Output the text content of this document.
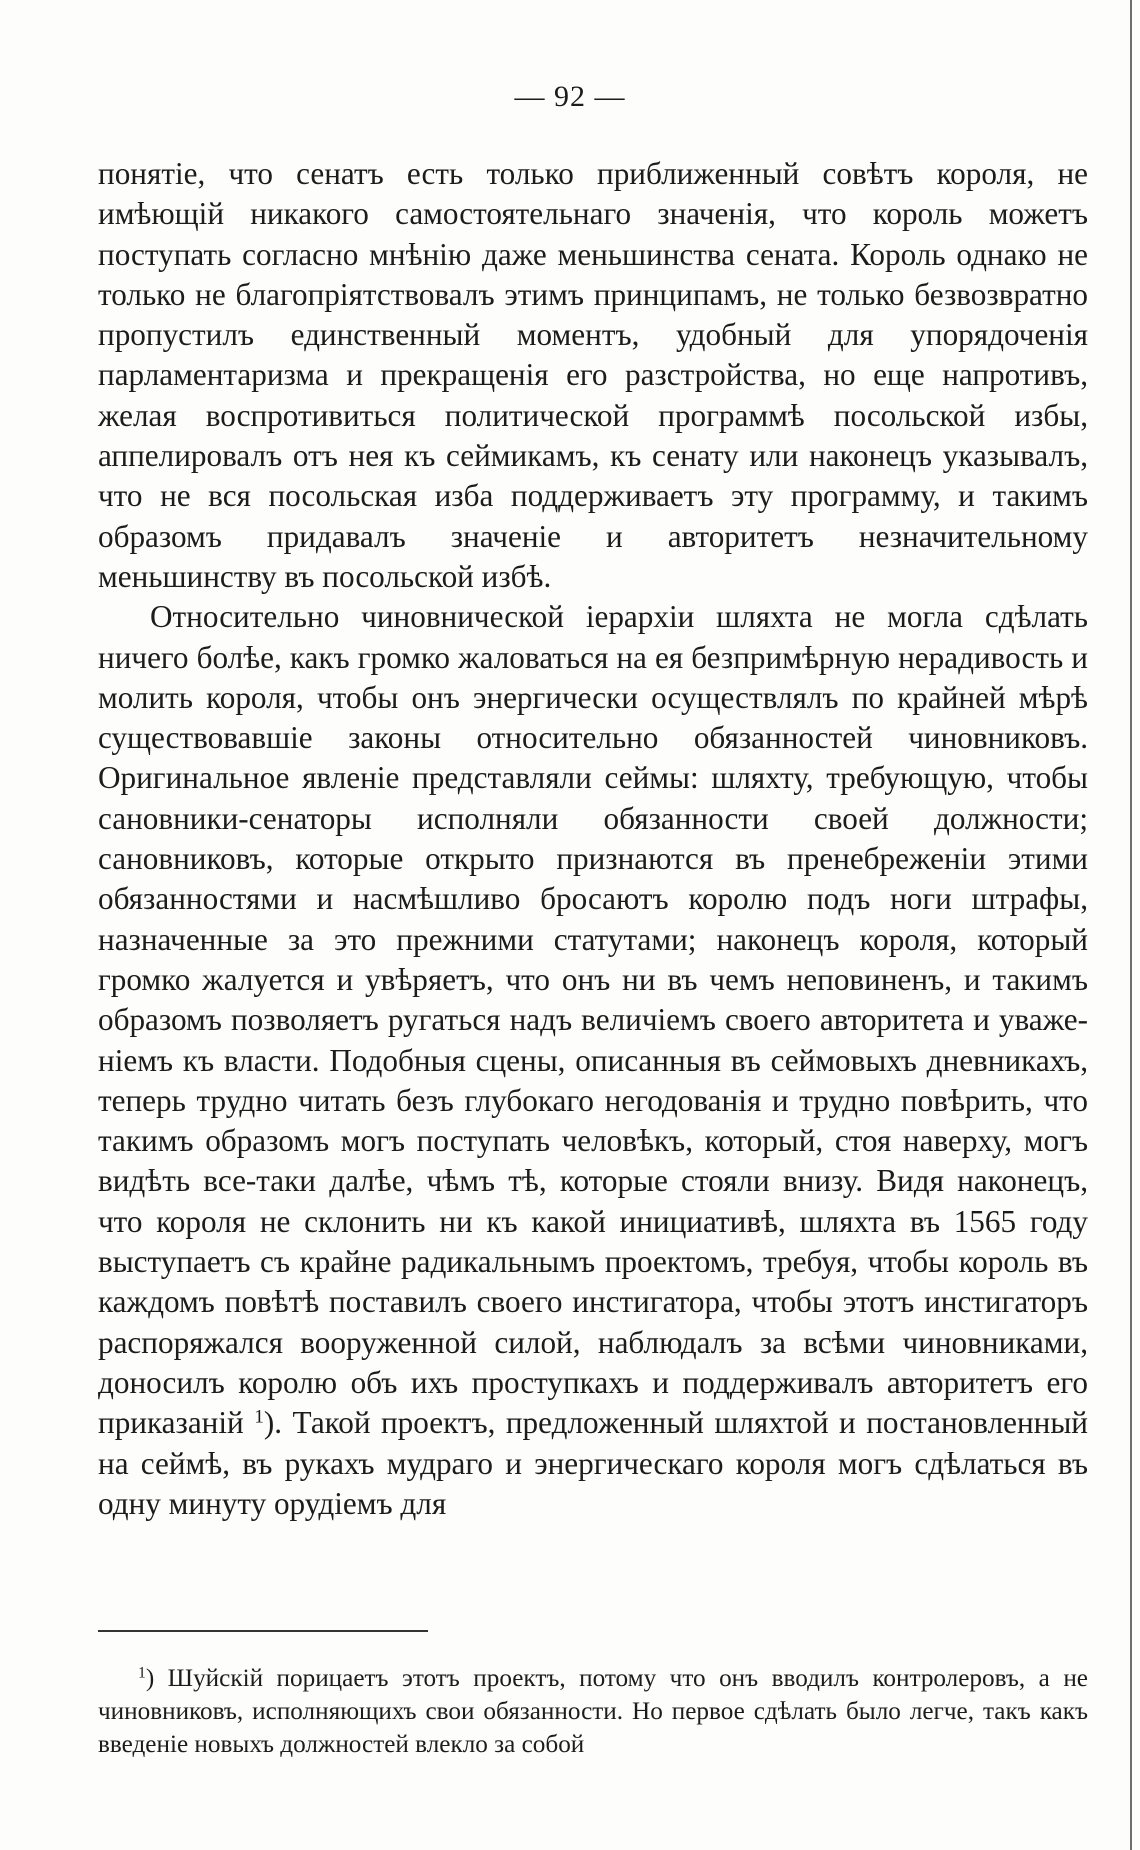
— 92 —

понятіе, что сенатъ есть только приближенный совѣтъ короля, не имѣющій никакого самостоятельнаго значенія, что король можетъ поступать согласно мнѣнію даже меньшинства сената. Король однако не только не благопріятствовалъ этимъ принципамъ, не только безвозвратно пропустилъ единственный моментъ, удобный для упорядоченія парламентаризма и прекращенія его разстройства, но еще напротивъ, желая воспротивиться политической программѣ посольской избы, аппелировалъ отъ нея къ сеймикамъ, къ сенату или наконецъ указывалъ, что не вся посольская изба поддерживаетъ эту программу, и такимъ образомъ придавалъ значеніе и авторитетъ незначительному меньшинству въ посольской избѣ.

Относительно чиновнической іерархіи шляхта не могла сдѣлать ничего болѣе, какъ громко жаловаться на ея безпримѣрную нерадивость и молить короля, чтобы онъ энергически осуществлялъ по крайней мѣрѣ существовавшіе законы относительно обязанностей чиновниковъ. Оригинальное явленіе представляли сеймы: шляхту, требующую, чтобы сановники-сенаторы исполняли обязанности своей должности; сановниковъ, которые открыто признаются въ пренебреженіи этими обязанностями и насмѣшливо бросаютъ королю подъ ноги штрафы, назначенные за это прежними статутами; наконецъ короля, который громко жалуется и увѣряетъ, что онъ ни въ чемъ неповиненъ, и такимъ образомъ позволяетъ ругаться надъ величіемъ своего авторитета и уваженіемъ къ власти. Подобныя сцены, описанныя въ сеймовыхъ дневникахъ, теперь трудно читать безъ глубокаго негодованія и трудно повѣрить, что такимъ образомъ могъ поступать человѣкъ, который, стоя наверху, могъ видѣть все-таки далѣе, чѣмъ тѣ, которые стояли внизу. Видя наконецъ, что короля не склонить ни къ какой инициативѣ, шляхта въ 1565 году выступаетъ съ крайне радикальнымъ проектомъ, требуя, чтобы король въ каждомъ повѣтѣ поставилъ своего инстигатора, чтобы этотъ инстигаторъ распоряжался вооруженной силой, наблюдалъ за всѣми чиновниками, доносилъ королю объ ихъ проступкахъ и поддерживалъ авторитетъ его приказаній $^1$). Такой проектъ, предложенный шляхтой и постановленный на сеймѣ, въ рукахъ мудраго и энергическаго короля могъ сдѣлаться въ одну минуту орудіемъ для

$^1$) Шуйскій порицаетъ этотъ проектъ, потому что онъ вводилъ контролеровъ, а не чиновниковъ, исполняющихъ свои обязанности. Но первое сдѣлать было легче, такъ какъ введеніе новыхъ должностей влекло за собой
